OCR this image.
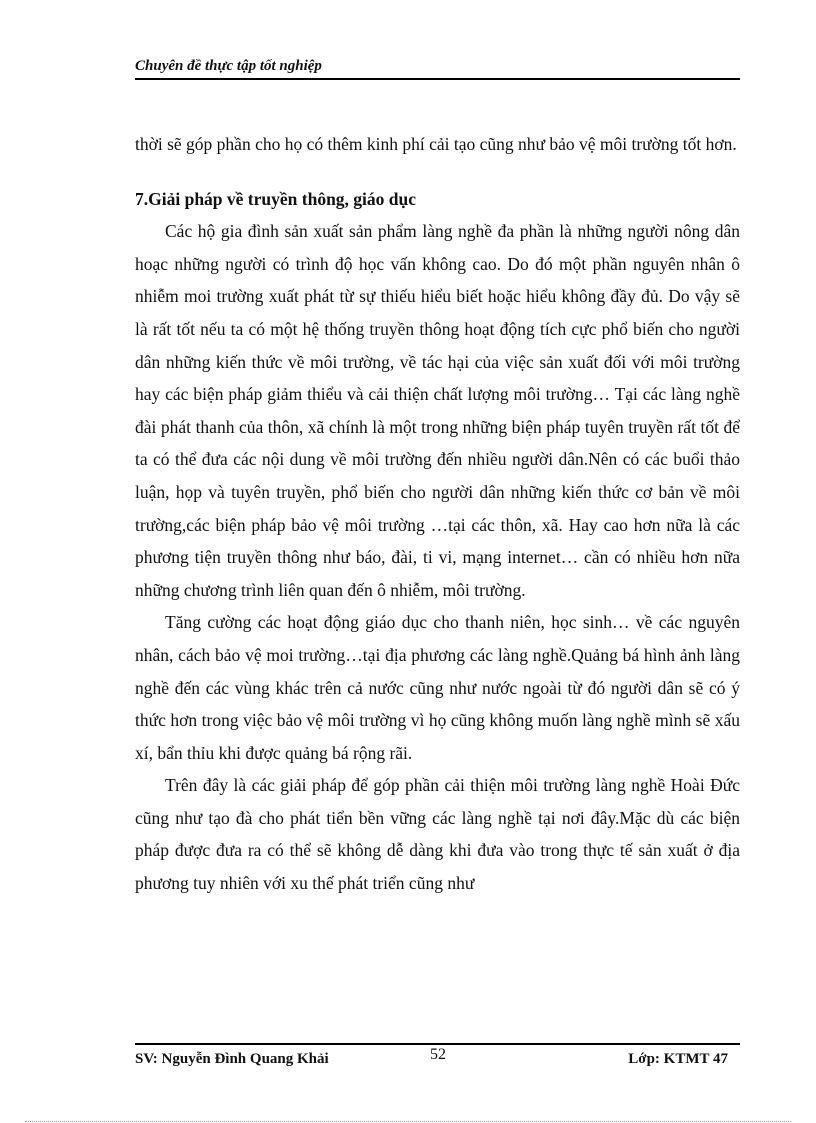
Chuyên đề thực tập tốt nghiệp

thời sẽ góp phần cho họ có thêm kinh phí cải tạo cũng như bảo vệ môi trường tốt hơn.

7.Giải pháp về truyền thông, giáo dục

Các hộ gia đình sản xuất sản phẩm làng nghề đa phần là những người nông dân hoạc những người có trình độ học vấn không cao. Do đó một phần nguyên nhân ô nhiễm moi trường xuất phát từ sự thiếu hiểu biết hoặc hiểu không đầy đủ. Do vậy sẽ là rất tốt nếu ta có một hệ thống truyền thông hoạt động tích cực phổ biến cho người dân những kiến thức về môi trường, về tác hại của việc sản xuất đối với môi trường hay các biện pháp giảm thiểu và cải thiện chất lượng môi trường… Tại các làng nghề đài phát thanh của thôn, xã chính là một trong những biện pháp tuyên truyền rất tốt để ta có thể đưa các nội dung về môi trường đến nhiều người dân.Nên có các buổi thảo luận, họp và tuyên truyền, phổ biến cho người dân những kiến thức cơ bản về môi trường,các biện pháp bảo vệ môi trường …tại các thôn, xã. Hay cao hơn nữa là các phương tiện truyền thông như báo, đài, ti vi, mạng internet… cần có nhiều hơn nữa những chương trình liên quan đến ô nhiễm, môi trường.

Tăng cường các hoạt động giáo dục cho thanh niên, học sinh… về các nguyên nhân, cách bảo vệ moi trường…tại địa phương các làng nghề.Quảng bá hình ảnh làng nghề đến các vùng khác trên cả nước cũng như nước ngoài từ đó người dân sẽ có ý thức hơn trong việc bảo vệ môi trường vì họ cũng không muốn làng nghề mình sẽ xấu xí, bẩn thỉu khi được quảng bá rộng rãi.

Trên đây là các giải pháp để góp phần cải thiện môi trường làng nghề Hoài Đức cũng như tạo đà cho phát tiển bền vững các làng nghề tại nơi đây.Mặc dù các biện pháp được đưa ra có thể sẽ không dễ dàng khi đưa vào trong thực tế sản xuất ở địa phương tuy nhiên với xu thế phát triển cũng như

SV: Nguyễn Đình Quang Khải	52	Lớp: KTMT 47
